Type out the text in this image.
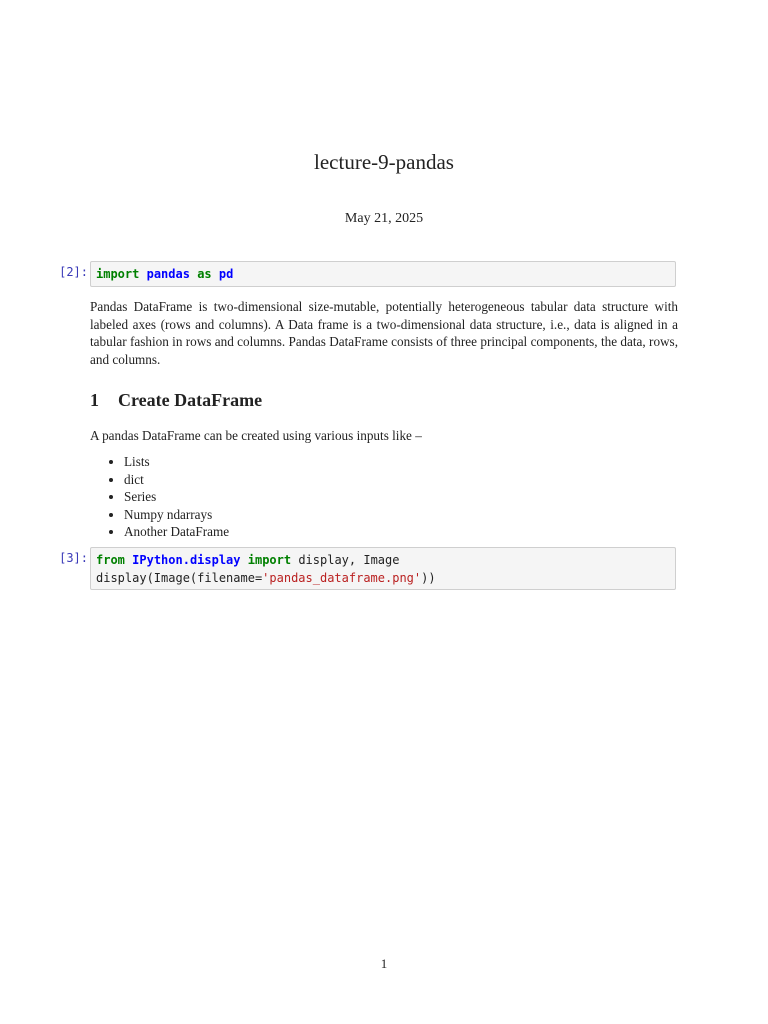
lecture-9-pandas
May 21, 2025
[2]: import pandas as pd
Pandas DataFrame is two-dimensional size-mutable, potentially heterogeneous tabular data structure with labeled axes (rows and columns). A Data frame is a two-dimensional data structure, i.e., data is aligned in a tabular fashion in rows and columns. Pandas DataFrame consists of three principal components, the data, rows, and columns.
1 Create DataFrame
A pandas DataFrame can be created using various inputs like –
Lists
dict
Series
Numpy ndarrays
Another DataFrame
[3]: from IPython.display import display, Image
display(Image(filename='pandas_dataframe.png'))
1
